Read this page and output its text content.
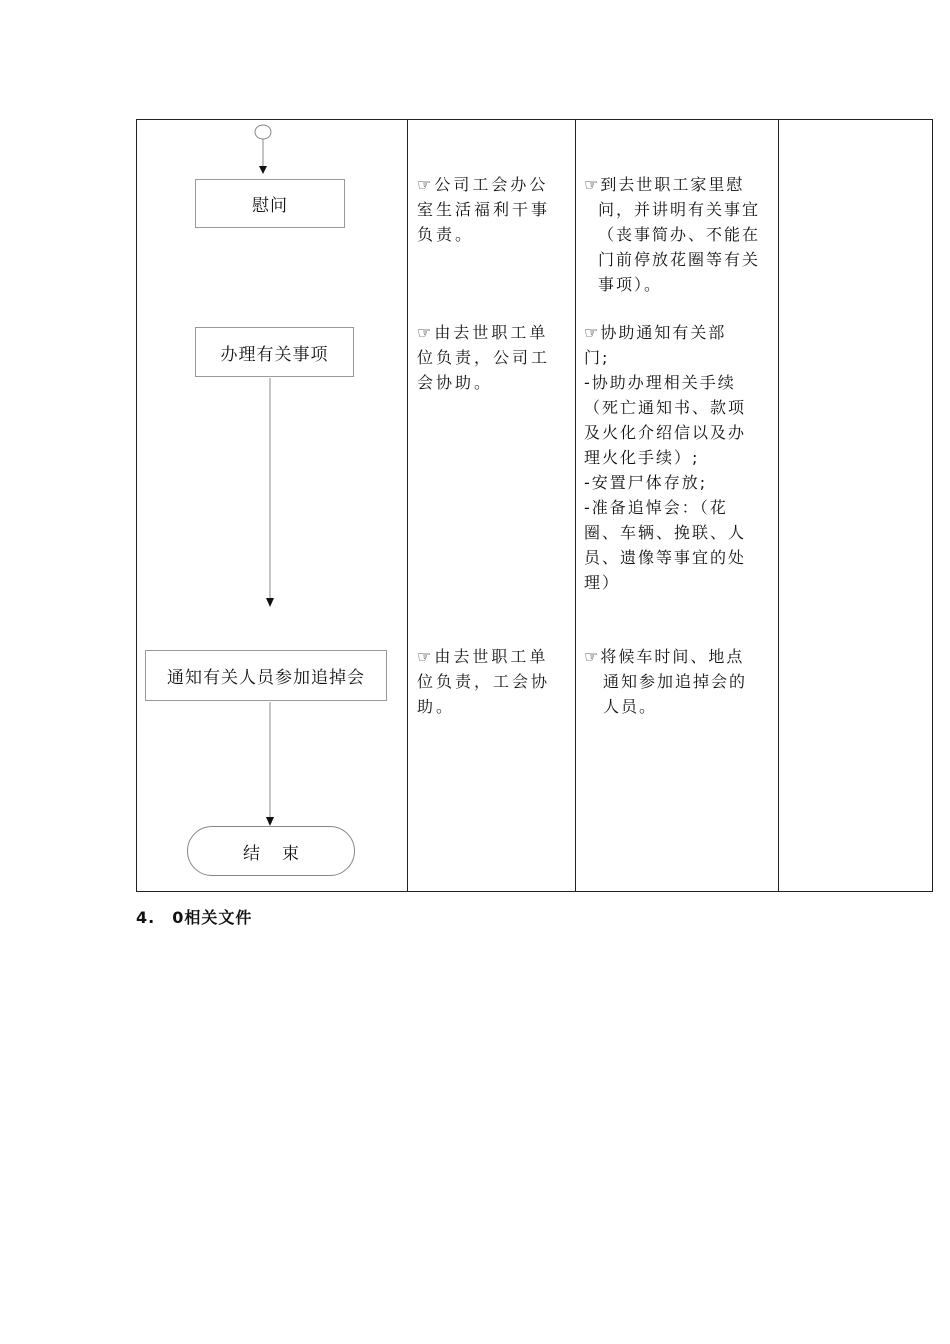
慰问
办理有关事项
通知有关人员参加追掉会
结束
☞公司工会办公
室生活福利干事
负责。
☞到去世职工家里慰
问，并讲明有关事宜
（丧事简办、不能在
门前停放花圈等有关
事项）。
☞由去世职工单
位负责，公司工
会协助。
☞协助通知有关部
门;
-协助办理相关手续
（死亡通知书、款项
及火化介绍信以及办
理火化手续）;
-安置尸体存放;
-准备追悼会：（花
圈、车辆、挽联、人
员、遗像等事宜的处
理）
☞由去世职工单
位负责，工会协
助。
☞将候车时间、地点
通知参加追掉会的
人员。
4.　0相关文件
